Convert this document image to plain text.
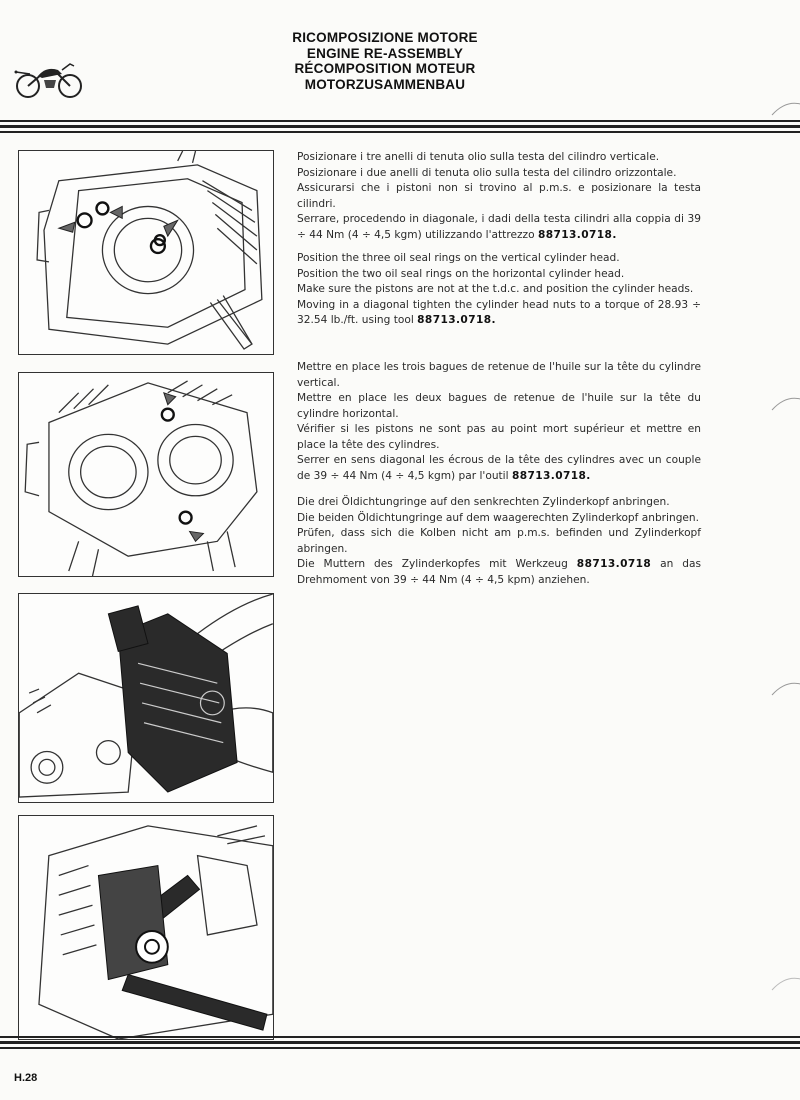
RICOMPOSIZIONE MOTORE
ENGINE RE-ASSEMBLY
RÉCOMPOSITION MOTEUR
MOTORZUSAMMENBAU

Posizionare i tre anelli di tenuta olio sulla testa del cilindro verticale.

Posizionare i due anelli di tenuta olio sulla testa del cilindro orizzontale.

Assicurarsi che i pistoni non si trovino al p.m.s. e posizionare la testa cilindri.

Serrare, procedendo in diagonale, i dadi della testa cilindri alla coppia di 39 ÷ 44 Nm (4 ÷ 4,5 kgm) utilizzando l'attrezzo 88713.0718.

Position the three oil seal rings on the vertical cylinder head.

Position the two oil seal rings on the horizontal cylinder head.

Make sure the pistons are not at the t.d.c. and position the cylinder heads.

Moving in a diagonal tighten the cylinder head nuts to a torque of 28.93 ÷ 32.54 lb./ft. using tool 88713.0718.

Mettre en place les trois bagues de retenue de l'huile sur la tête du cylindre vertical.

Mettre en place les deux bagues de retenue de l'huile sur la tête du cylindre horizontal.

Vérifier si les pistons ne sont pas au point mort supérieur et mettre en place la tête des cylindres.

Serrer en sens diagonal les écrous de la tête des cylindres avec un couple de 39 ÷ 44 Nm (4 ÷ 4,5 kgm) par l'outil 88713.0718.

Die drei Öldichtungringe auf den senkrechten Zylinderkopf anbringen.

Die beiden Öldichtungringe auf dem waagerechten Zylinderkopf anbringen.

Prüfen, dass sich die Kolben nicht am p.m.s. befinden und Zylinderkopf abringen.

Die Muttern des Zylinderkopfes mit Werkzeug 88713.0718 an das Drehmoment von 39 ÷ 44 Nm (4 ÷ 4,5 kpm) anziehen.

H.28
